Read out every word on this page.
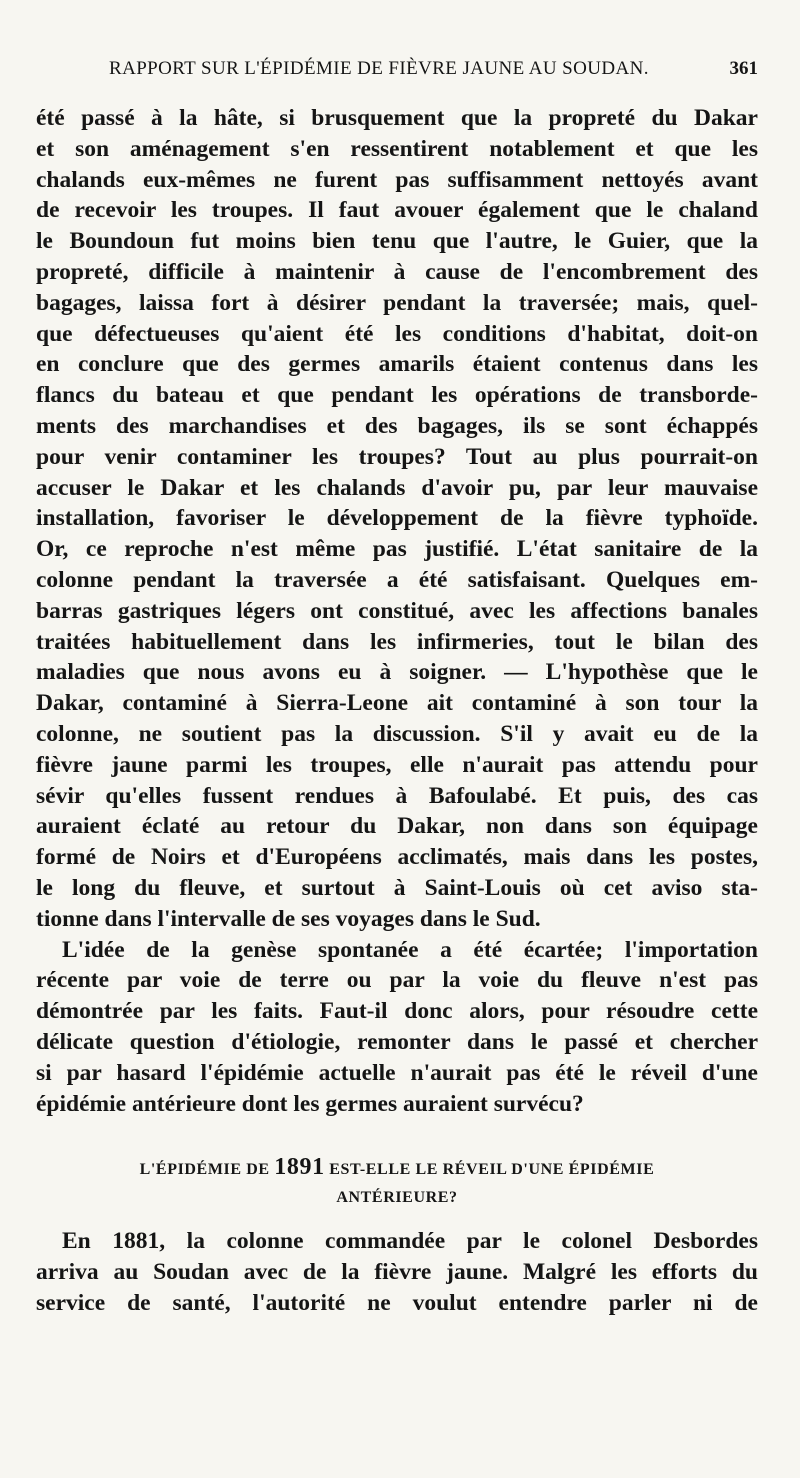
RAPPORT SUR L'ÉPIDÉMIE DE FIÈVRE JAUNE AU SOUDAN.	361
été passé à la hâte, si brusquement que la propreté du Dakar
et son aménagement s'en ressentirent notablement et que les
chalands eux-mêmes ne furent pas suffisamment nettoyés avant
de recevoir les troupes. Il faut avouer également que le chaland
le Boundoun fut moins bien tenu que l'autre, le Guier, que la
propreté, difficile à maintenir à cause de l'encombrement des
bagages, laissa fort à désirer pendant la traversée; mais, quel-
que défectueuses qu'aient été les conditions d'habitat, doit-on
en conclure que des germes amarils étaient contenus dans les
flancs du bateau et que pendant les opérations de transborde-
ments des marchandises et des bagages, ils se sont échappés
pour venir contaminer les troupes? Tout au plus pourrait-on
accuser le Dakar et les chalands d'avoir pu, par leur mauvaise
installation, favoriser le développement de la fièvre typhoïde.
Or, ce reproche n'est même pas justifié. L'état sanitaire de la
colonne pendant la traversée a été satisfaisant. Quelques em-
barras gastriques légers ont constitué, avec les affections banales
traitées habituellement dans les infirmeries, tout le bilan des
maladies que nous avons eu à soigner. — L'hypothèse que le
Dakar, contaminé à Sierra-Leone ait contaminé à son tour la
colonne, ne soutient pas la discussion. S'il y avait eu de la
fièvre jaune parmi les troupes, elle n'aurait pas attendu pour
sévir qu'elles fussent rendues à Bafoulabé. Et puis, des cas
auraient éclaté au retour du Dakar, non dans son équipage
formé de Noirs et d'Européens acclimatés, mais dans les postes,
le long du fleuve, et surtout à Saint-Louis où cet aviso sta-
tionne dans l'intervalle de ses voyages dans le Sud.
L'idée de la genèse spontanée a été écartée; l'importation
récente par voie de terre ou par la voie du fleuve n'est pas
démontrée par les faits. Faut-il donc alors, pour résoudre cette
délicate question d'étiologie, remonter dans le passé et chercher
si par hasard l'épidémie actuelle n'aurait pas été le réveil d'une
épidémie antérieure dont les germes auraient survécu?
L'ÉPIDÉMIE DE 1891 EST-ELLE LE RÉVEIL D'UNE ÉPIDÉMIE
ANTÉRIEURE?
En 1881, la colonne commandée par le colonel Desbordes
arriva au Soudan avec de la fièvre jaune. Malgré les efforts du
service de santé, l'autorité ne voulut entendre parler ni de
